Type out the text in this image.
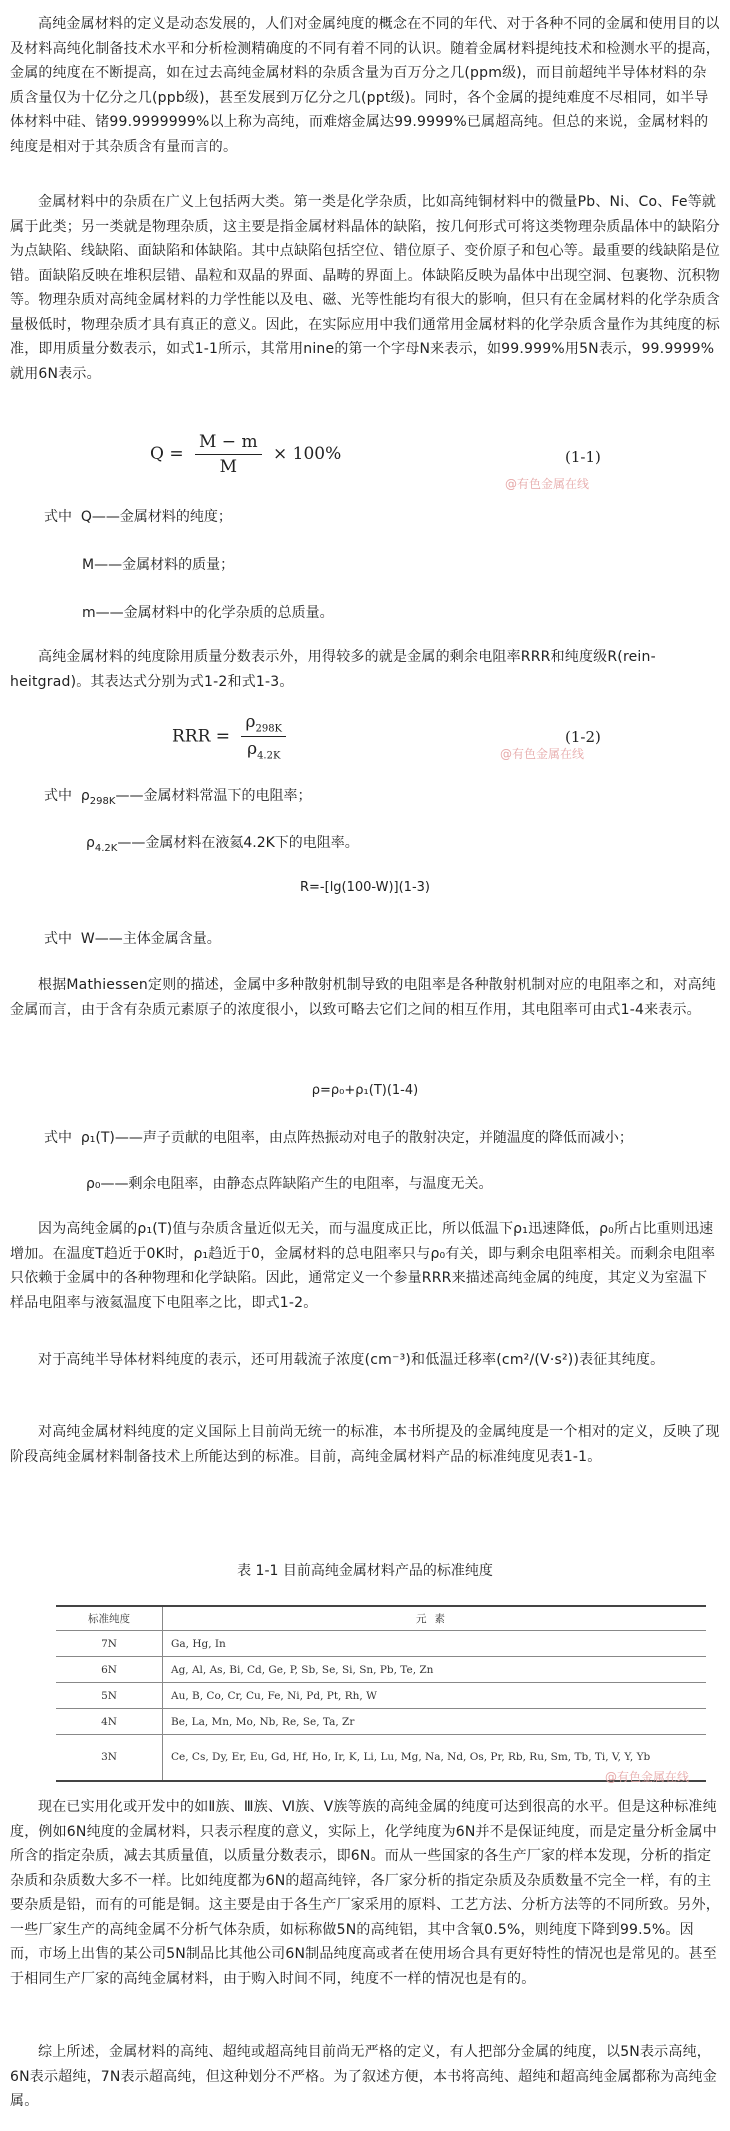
高纯金属材料的定义是动态发展的，人们对金属纯度的概念在不同的年代、对于各种不同的金属和使用目的以及材料高纯化制备技术水平和分析检测精确度的不同有着不同的认识。随着金属材料提纯技术和检测水平的提高，金属的纯度在不断提高，如在过去高纯金属材料的杂质含量为百万分之几(ppm级)，而目前超纯半导体材料的杂质含量仅为十亿分之几(ppb级)，甚至发展到万亿分之几(ppt级)。同时，各个金属的提纯难度不尽相同，如半导体材料中硅、锗99.9999999%以上称为高纯，而难熔金属达99.9999%已属超高纯。但总的来说，金属材料的纯度是相对于其杂质含有量而言的。

金属材料中的杂质在广义上包括两大类。第一类是化学杂质，比如高纯铜材料中的微量Pb、Ni、Co、Fe等就属于此类；另一类就是物理杂质，这主要是指金属材料晶体的缺陷，按几何形式可将这类物理杂质晶体中的缺陷分为点缺陷、线缺陷、面缺陷和体缺陷。其中点缺陷包括空位、错位原子、变价原子和包心等。最重要的线缺陷是位错。面缺陷反映在堆积层错、晶粒和双晶的界面、晶畴的界面上。体缺陷反映为晶体中出现空洞、包裹物、沉积物等。物理杂质对高纯金属材料的力学性能以及电、磁、光等性能均有很大的影响，但只有在金属材料的化学杂质含量极低时，物理杂质才具有真正的意义。因此，在实际应用中我们通常用金属材料的化学杂质含量作为其纯度的标准，即用质量分数表示，如式1-1所示，其常用nine的第一个字母N来表示，如99.999%用5N表示，99.9999%就用6N表示。

$Q = \frac{M - m}{M} \times 100\%$	(1-1)
@有色金属在线
式中 Q——金属材料的纯度；
M——金属材料的质量；
m——金属材料中的化学杂质的总质量。

高纯金属材料的纯度除用质量分数表示外，用得较多的就是金属的剩余电阻率RRR和纯度级R(rein-heitgrad)。其表达式分别为式1-2和式1-3。

RRR = $\frac{\rho_{298K}}{\rho_{4.2K}}$	(1-2)
@有色金属在线
式中 $\rho_{298K}——$金属材料常温下的电阻率；
$\rho_{4.2K}——$金属材料在液氦4.2K下的电阻率。
R=-[lg(100-W)](1-3)
式中 W——主体金属含量。

根据Mathiessen定则的描述，金属中多种散射机制导致的电阻率是各种散射机制对应的电阻率之和，对高纯金属而言，由于含有杂质元素原子的浓度很小，以致可略去它们之间的相互作用，其电阻率可由式1-4来表示。

ρ=ρ₀+ρ₁(T)(1-4)
式中 ρ₁(T)——声子贡献的电阻率，由点阵热振动对电子的散射决定，并随温度的降低而减小；
ρ₀——剩余电阻率，由静态点阵缺陷产生的电阻率，与温度无关。

因为高纯金属的ρ₁(T)值与杂质含量近似无关，而与温度成正比，所以低温下ρ₁迅速降低，ρ₀所占比重则迅速增加。在温度T趋近于0K时，ρ₁趋近于0，金属材料的总电阻率只与ρ₀有关，即与剩余电阻率相关。而剩余电阻率只依赖于金属中的各种物理和化学缺陷。因此，通常定义一个参量RRR来描述高纯金属的纯度，其定义为室温下样品电阻率与液氦温度下电阻率之比，即式1-2。

对于高纯半导体材料纯度的表示，还可用载流子浓度(cm⁻³)和低温迁移率(cm²/(V·s²))表征其纯度。

对高纯金属材料纯度的定义国际上目前尚无统一的标准，本书所提及的金属纯度是一个相对的定义，反映了现阶段高纯金属材料制备技术上所能达到的标准。目前，高纯金属材料产品的标准纯度见表1-1。

表 1-1 目前高纯金属材料产品的标准纯度
标准纯度	元素
7N	Ga, Hg, In
6N	Ag, Al, As, Bi, Cd, Ge, P, Sb, Se, Si, Sn, Pb, Te, Zn
5N	Au, B, Co, Cr, Cu, Fe, Ni, Pd, Pt, Rh, W
4N	Be, La, Mn, Mo, Nb, Re, Se, Ta, Zr
3N	Ce, Cs, Dy, Er, Eu, Gd, Hf, Ho, Ir, K, Li, Lu, Mg, Na, Nd, Os, Pr, Rb, Ru, Sm, Tb, Ti, V, Y, Yb
@有色金属在线

现在已实用化或开发中的如Ⅱ族、Ⅲ族、Ⅵ族、Ⅴ族等族的高纯金属的纯度可达到很高的水平。但是这种标准纯度，例如6N纯度的金属材料，只表示程度的意义，实际上，化学纯度为6N并不是保证纯度，而是定量分析金属中所含的指定杂质，减去其质量值，以质量分数表示，即6N。而从一些国家的各生产厂家的样本发现，分析的指定杂质和杂质数大多不一样。比如纯度都为6N的超高纯锌，各厂家分析的指定杂质及杂质数量不完全一样，有的主要杂质是铅，而有的可能是铜。这主要是由于各生产厂家采用的原料、工艺方法、分析方法等的不同所致。另外，一些厂家生产的高纯金属不分析气体杂质，如标称做5N的高纯铝，其中含氧0.5%，则纯度下降到99.5%。因而，市场上出售的某公司5N制品比其他公司6N制品纯度高或者在使用场合具有更好特性的情况也是常见的。甚至于相同生产厂家的高纯金属材料，由于购入时间不同，纯度不一样的情况也是有的。

综上所述，金属材料的高纯、超纯或超高纯目前尚无严格的定义，有人把部分金属的纯度，以5N表示高纯，6N表示超纯，7N表示超高纯，但这种划分不严格。为了叙述方便，本书将高纯、超纯和超高纯金属都称为高纯金属。
